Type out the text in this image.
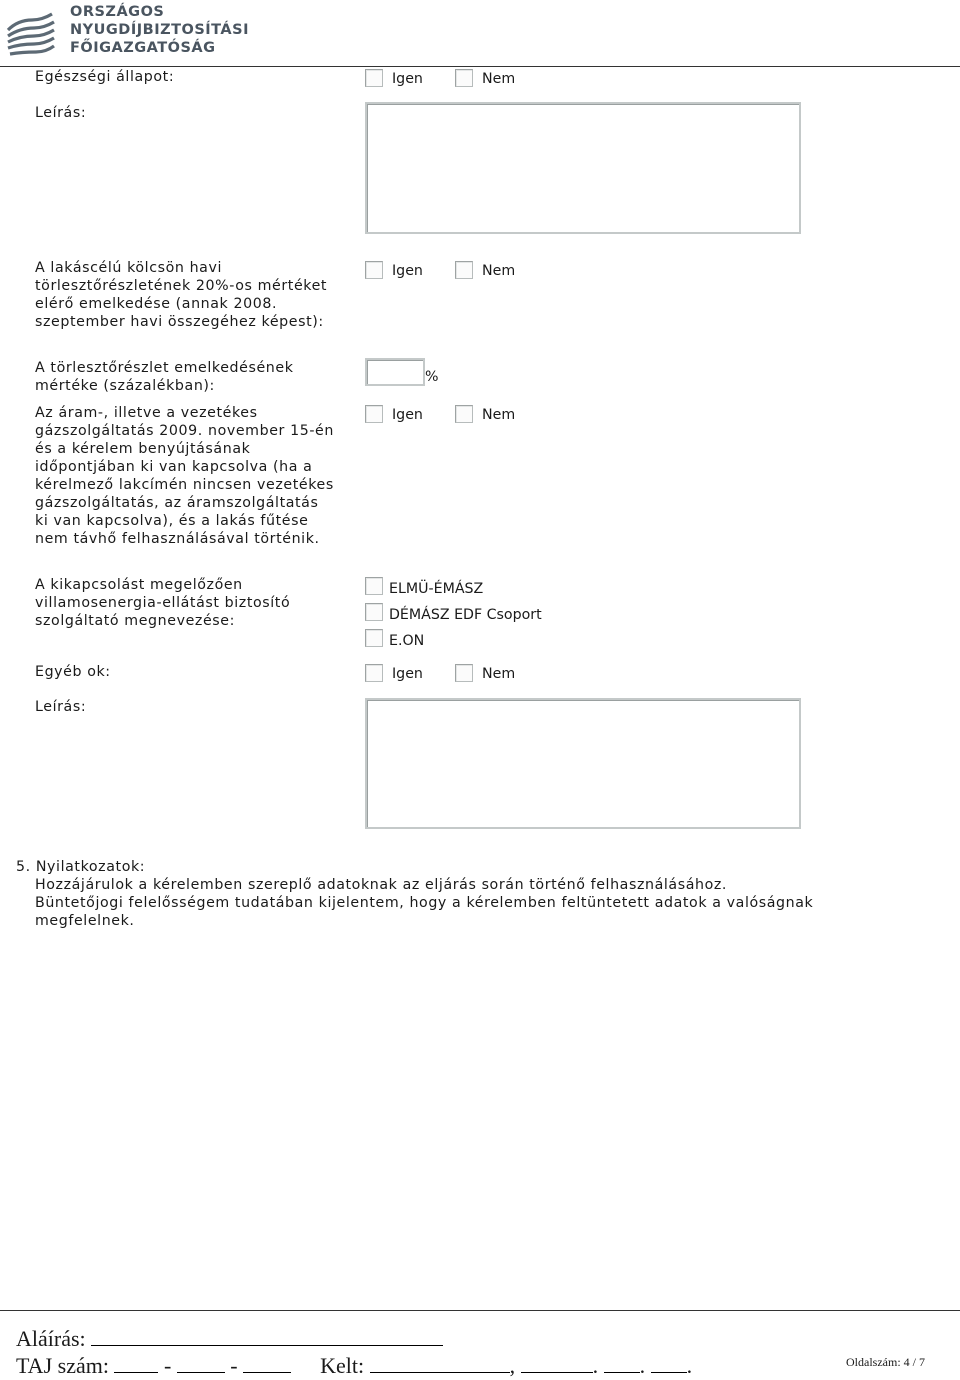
ORSZÁGOS
NYUGDÍJBIZTOSÍTÁSI
FŐIGAZGATÓSÁG
Egészségi állapot:	Igen	Nem
Leírás:
A lakáscélú kölcsön havi törlesztőrészletének 20%-os mértéket elérő emelkedése (annak 2008. szeptember havi összegéhez képest):
Igen	Nem
A törlesztőrészlet emelkedésének mértéke (százalékban):
%
Az áram-, illetve a vezetékes gázszolgáltatás 2009. november 15-én és a kérelem benyújtásának időpontjában ki van kapcsolva (ha a kérelmező lakcímén nincsen vezetékes gázszolgáltatás, az áramszolgáltatás ki van kapcsolva), és a lakás fűtése nem távhő felhasználásával történik.
Igen	Nem
A kikapcsolást megelőzően villamosenergia-ellátást biztosító szolgáltató megnevezése:
ELMÜ-ÉMÁSZ
DÉMÁSZ EDF Csoport
E.ON
Egyéb ok:	Igen	Nem
Leírás:
5. Nyilatkozatok:
Hozzájárulok a kérelemben szereplő adatoknak az eljárás során történő felhasználásához.
Büntetőjogi felelősségem tudatában kijelentem, hogy a kérelemben feltüntetett adatok a valóságnak
megfelelnek.
Aláírás:
TAJ szám:  -  -	Kelt:	,	. . .	Oldalszám: 4 / 7
